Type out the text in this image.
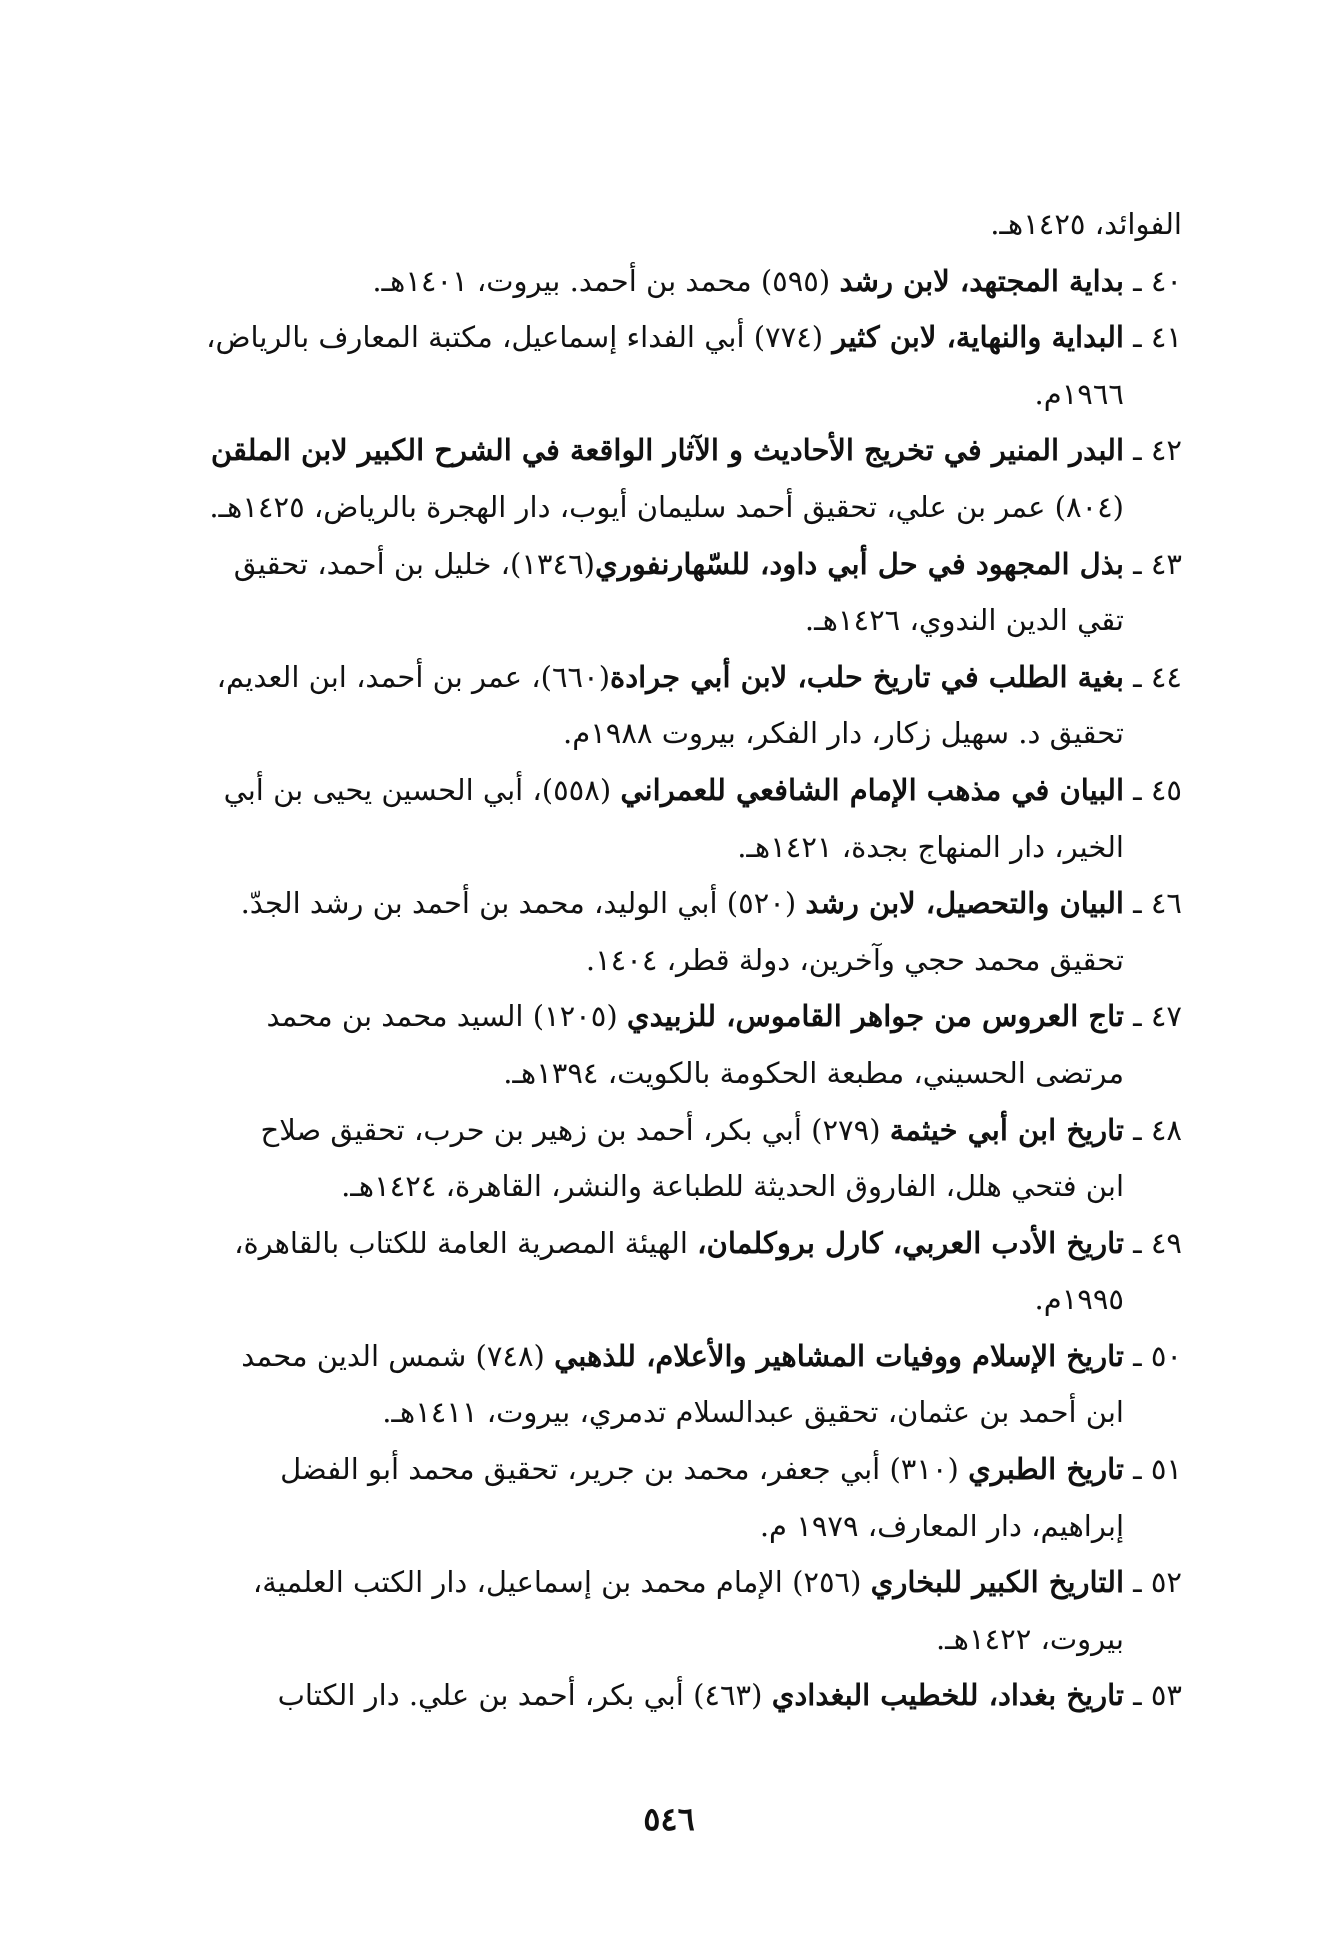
الفوائد، ١٤٢٥هـ.

٤٠ ـبداية المجتهد، لابن رشد (٥٩٥) محمد بن أحمد. بيروت، ١٤٠١هـ.
٤١ ـالبداية والنهاية، لابن كثير (٧٧٤) أبي الفداء إسماعيل، مكتبة المعارف بالرياض،
١٩٦٦م.
٤٢ ـالبدر المنير في تخريج الأحاديث و الآثار الواقعة في الشرح الكبير لابن الملقن
(٨٠٤) عمر بن علي، تحقيق أحمد سليمان أيوب، دار الهجرة بالرياض، ١٤٢٥هـ.
٤٣ ـبذل المجهود في حل أبي داود، للسّهارنفوري(١٣٤٦)، خليل بن أحمد، تحقيق
تقي الدين الندوي، ١٤٢٦هـ.
٤٤ ـبغية الطلب في تاريخ حلب، لابن أبي جرادة(٦٦٠)، عمر بن أحمد، ابن العديم،
تحقيق د. سهيل زكار، دار الفكر، بيروت ١٩٨٨م.
٤٥ ـالبيان في مذهب الإمام الشافعي للعمراني (٥٥٨)، أبي الحسين يحيى بن أبي
الخير، دار المنهاج بجدة، ١٤٢١هـ.
٤٦ ـالبيان والتحصيل، لابن رشد (٥٢٠) أبي الوليد، محمد بن أحمد بن رشد الجدّ.
تحقيق محمد حجي وآخرين، دولة قطر، ١٤٠٤.
٤٧ ـتاج العروس من جواهر القاموس، للزبيدي (١٢٠٥) السيد محمد بن محمد
مرتضى الحسيني، مطبعة الحكومة بالكويت، ١٣٩٤هـ.
٤٨ ـتاريخ ابن أبي خيثمة (٢٧٩) أبي بكر، أحمد بن زهير بن حرب، تحقيق صلاح
ابن فتحي هلل، الفاروق الحديثة للطباعة والنشر، القاهرة، ١٤٢٤هـ.
٤٩ ـتاريخ الأدب العربي، كارل بروكلمان، الهيئة المصرية العامة للكتاب بالقاهرة،
١٩٩٥م.
٥٠ ـتاريخ الإسلام ووفيات المشاهير والأعلام، للذهبي (٧٤٨) شمس الدين محمد
ابن أحمد بن عثمان، تحقيق عبدالسلام تدمري، بيروت، ١٤١١هـ.
٥١ ـتاريخ الطبري (٣١٠) أبي جعفر، محمد بن جرير، تحقيق محمد أبو الفضل
إبراهيم، دار المعارف، ١٩٧٩ م.
٥٢ ـالتاريخ الكبير للبخاري (٢٥٦) الإمام محمد بن إسماعيل، دار الكتب العلمية،
بيروت، ١٤٢٢هـ.
٥٣ ـتاريخ بغداد، للخطيب البغدادي (٤٦٣) أبي بكر، أحمد بن علي. دار الكتاب
٥٤٦
